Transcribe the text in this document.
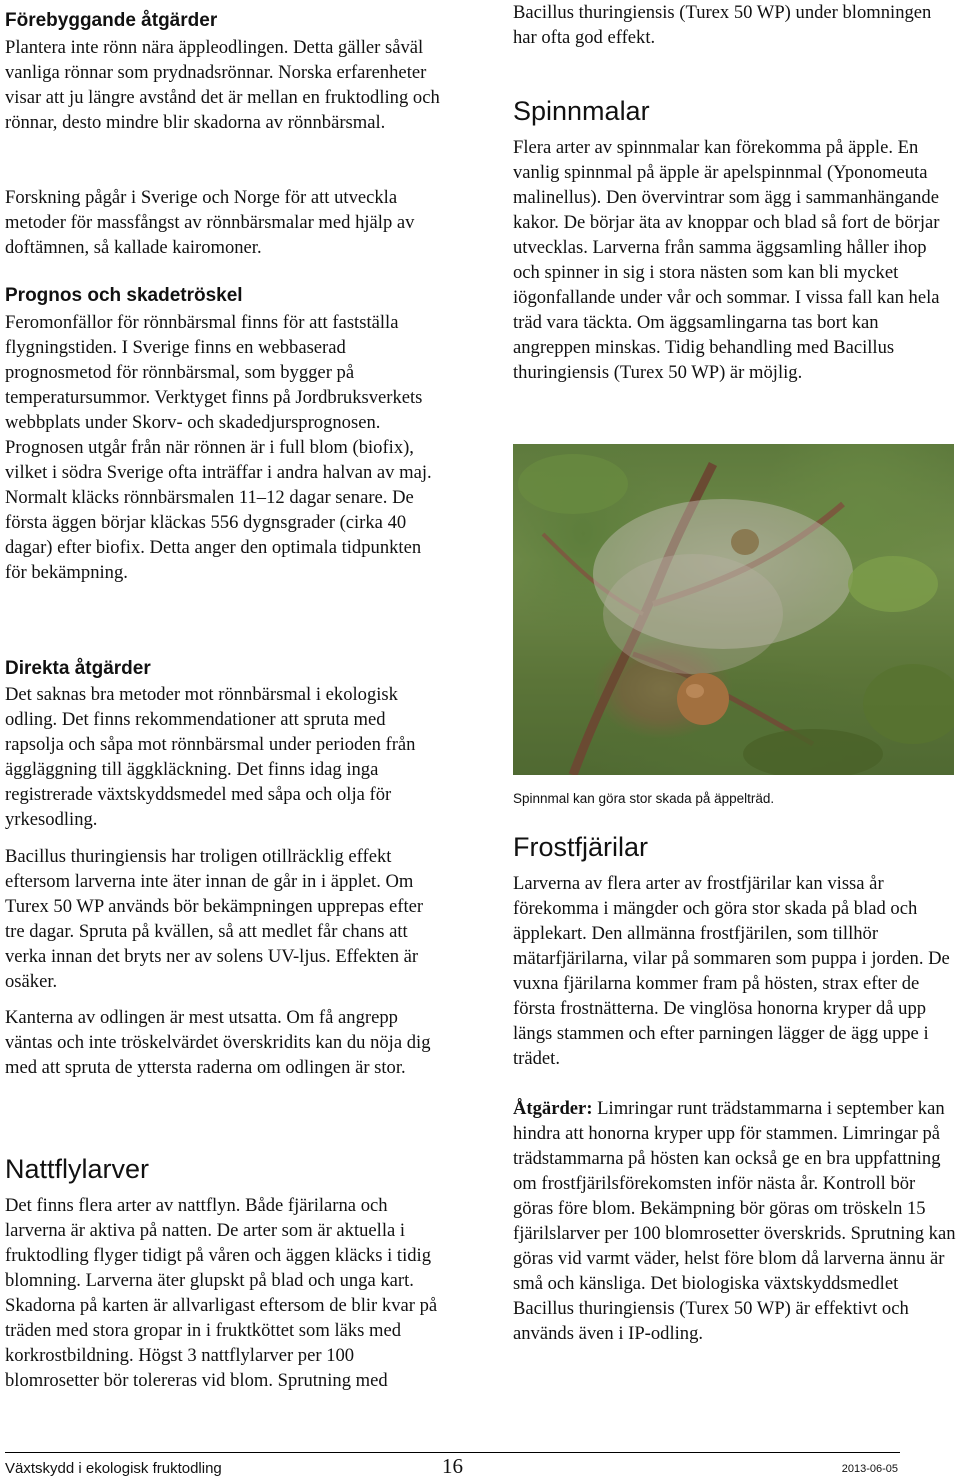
Förebyggande åtgärder

Plantera inte rönn nära äppleodlingen. Detta gäller såväl vanliga rönnar som prydnadsrönnar. Norska erfarenheter visar att ju längre avstånd det är mellan en fruktodling och rönnar, desto mindre blir skadorna av rönnbärsmal.

Forskning pågår i Sverige och Norge för att utveckla metoder för massfångst av rönnbärsmalar med hjälp av doftämnen, så kallade kairomoner.

Prognos och skadetröskel

Feromonfällor för rönnbärsmal finns för att fastställa flygningstiden. I Sverige finns en webbaserad prognosmetod för rönnbärsmal, som bygger på temperatursummor. Verktyget finns på Jordbruksverkets webbplats under Skorv- och skadedjursprognosen. Prognosen utgår från när rönnen är i full blom (biofix), vilket i södra Sverige ofta inträffar i andra halvan av maj. Normalt kläcks rönnbärsmalen 11–12 dagar senare. De första äggen börjar kläckas 556 dygnsgrader (cirka 40 dagar) efter biofix. Detta anger den optimala tidpunkten för bekämpning.

Direkta åtgärder

Det saknas bra metoder mot rönnbärsmal i ekologisk odling. Det finns rekommendationer att spruta med rapsolja och såpa mot rönnbärsmal under perioden från äggläggning till äggkläckning. Det finns idag inga registrerade växtskyddsmedel med såpa och olja för yrkesodling.

Bacillus thuringiensis har troligen otillräcklig effekt eftersom larverna inte äter innan de går in i äpplet. Om Turex 50 WP används bör bekämpningen upprepas efter tre dagar. Spruta på kvällen, så att medlet får chans att verka innan det bryts ner av solens UV-ljus. Effekten är osäker.

Kanterna av odlingen är mest utsatta. Om få angrepp väntas och inte tröskelvärdet överskridits kan du nöja dig med att spruta de yttersta raderna om odlingen är stor.

Nattflylarver

Det finns flera arter av nattflyn. Både fjärilarna och larverna är aktiva på natten. De arter som är aktuella i fruktodling flyger tidigt på våren och äggen kläcks i tidig blomning. Larverna äter glupskt på blad och unga kart. Skadorna på karten är allvarligast eftersom de blir kvar på träden med stora gropar in i fruktköttet som läks med korkrostbildning. Högst 3 nattflylarver per 100 blomrosetter bör tolereras vid blom. Sprutning med

Bacillus thuringiensis (Turex 50 WP) under blomningen har ofta god effekt.

Spinnmalar

Flera arter av spinnmalar kan förekomma på äpple. En vanlig spinnmal på äpple är apelspinnmal (Yponomeuta malinellus). Den övervintrar som ägg i sammanhängande kakor. De börjar äta av knoppar och blad så fort de börjar utvecklas. Larverna från samma äggsamling håller ihop och spinner in sig i stora nästen som kan bli mycket iögonfallande under vår och sommar. I vissa fall kan hela träd vara täckta. Om äggsamlingarna tas bort kan angreppen minskas. Tidig behandling med Bacillus thuringiensis (Turex 50 WP) är möjlig.

Spinnmal kan göra stor skada på äppelträd.
Frostfjärilar

Larverna av flera arter av frostfjärilar kan vissa år förekomma i mängder och göra stor skada på blad och äpplekart. Den allmänna frostfjärilen, som tillhör mätarfjärilarna, vilar på sommaren som puppa i jorden. De vuxna fjärilarna kommer fram på hösten, strax efter de första frostnätterna. De vinglösa honorna kryper då upp längs stammen och efter parningen lägger de ägg uppe i trädet.

Åtgärder: Limringar runt trädstammarna i september kan hindra att honorna kryper upp för stammen. Limringar på trädstammarna på hösten kan också ge en bra uppfattning om frostfjärilsförekomsten inför nästa år. Kontroll bör göras före blom. Bekämpning bör göras om tröskeln 15 fjärilslarver per 100 blomrosetter överskrids. Sprutning kan göras vid varmt väder, helst före blom då larverna ännu är små och känsliga. Det biologiska växtskyddsmedlet Bacillus thuringiensis (Turex 50 WP) är effektivt och används även i IP-odling.

Växtskydd i ekologisk fruktodling	16	2013-06-05
